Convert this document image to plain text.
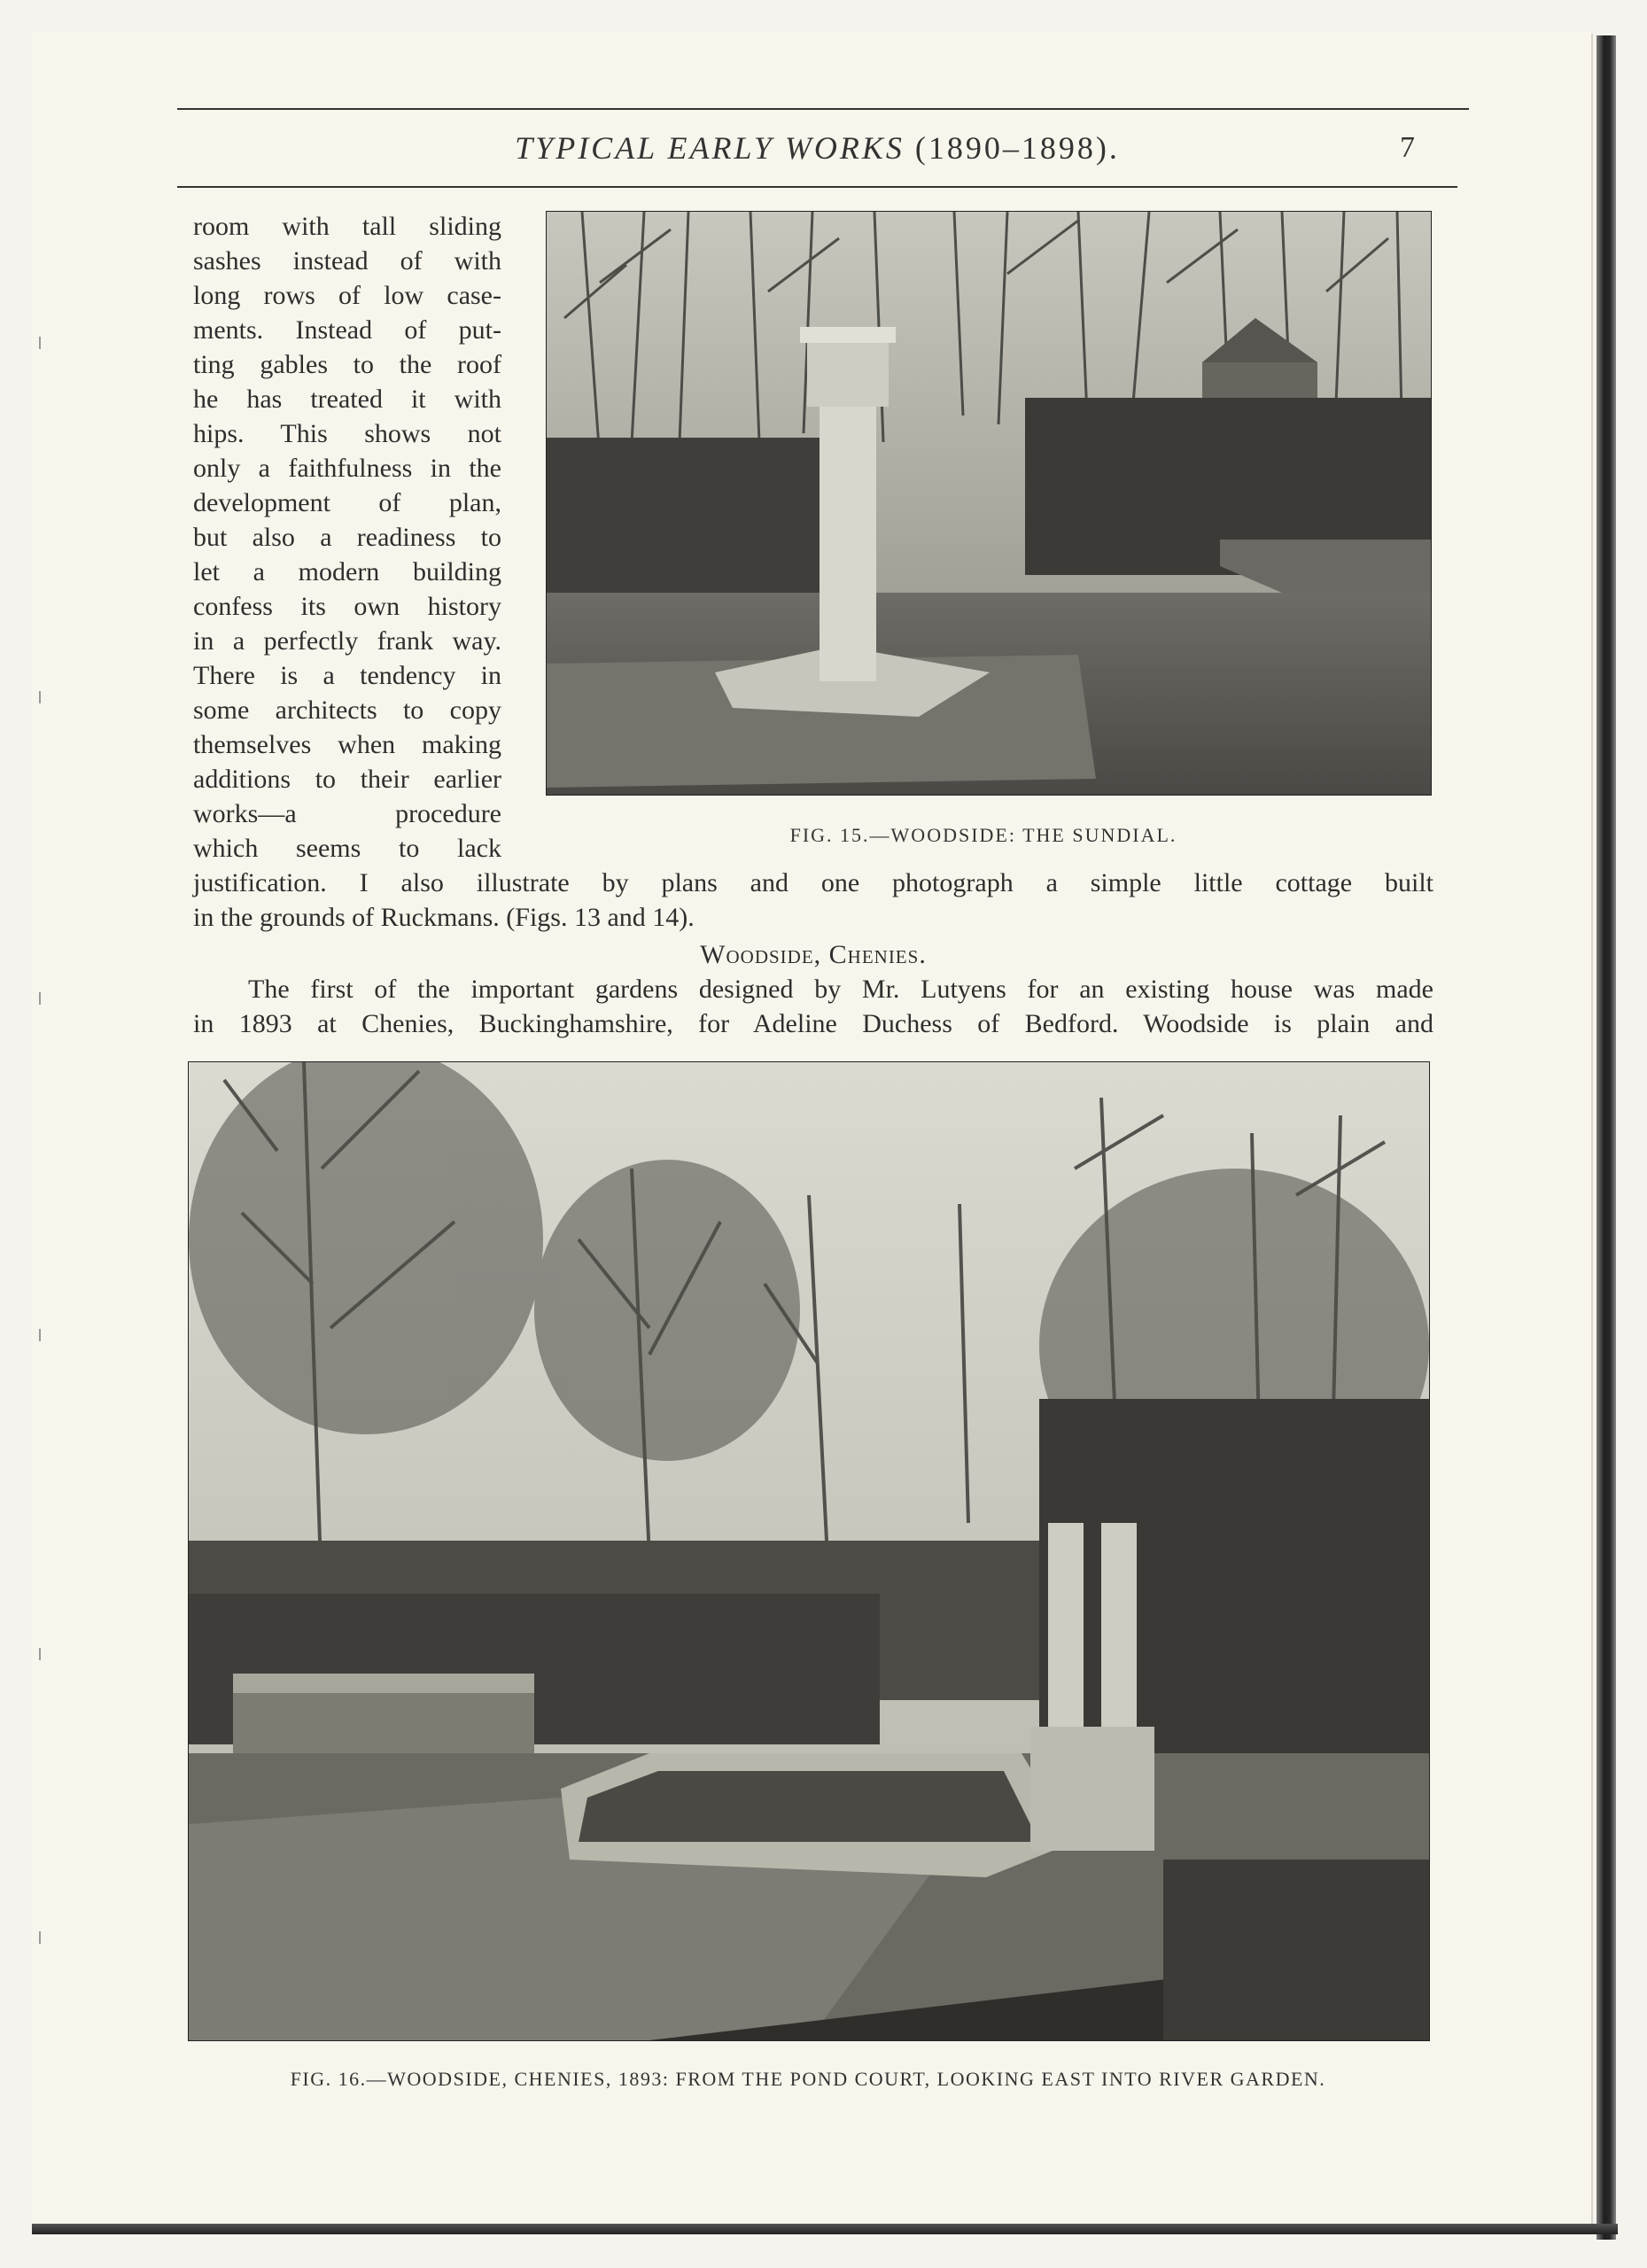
TYPICAL EARLY WORKS (1890–1898).	7
room with tall sliding
sashes instead of with
long rows of low case-
ments. Instead of put-
ting gables to the roof
he has treated it with
hips. This shows not
only a faithfulness in the
development of plan,
but also a readiness to
let a modern building
confess its own history
in a perfectly frank way.
There is a tendency in
some architects to copy
themselves when making
additions to their earlier
works—a procedure
which seems to lack	FIG. 15.—WOODSIDE: THE SUNDIAL.
justification. I also illustrate by plans and one photograph a simple little cottage built
in the grounds of Ruckmans. (Figs. 13 and 14).
Woodside, Chenies.
The first of the important gardens designed by Mr. Lutyens for an existing house was made
in 1893 at Chenies, Buckinghamshire, for Adeline Duchess of Bedford. Woodside is plain and
FIG. 16.—WOODSIDE, CHENIES, 1893: FROM THE POND COURT, LOOKING EAST INTO RIVER GARDEN.
